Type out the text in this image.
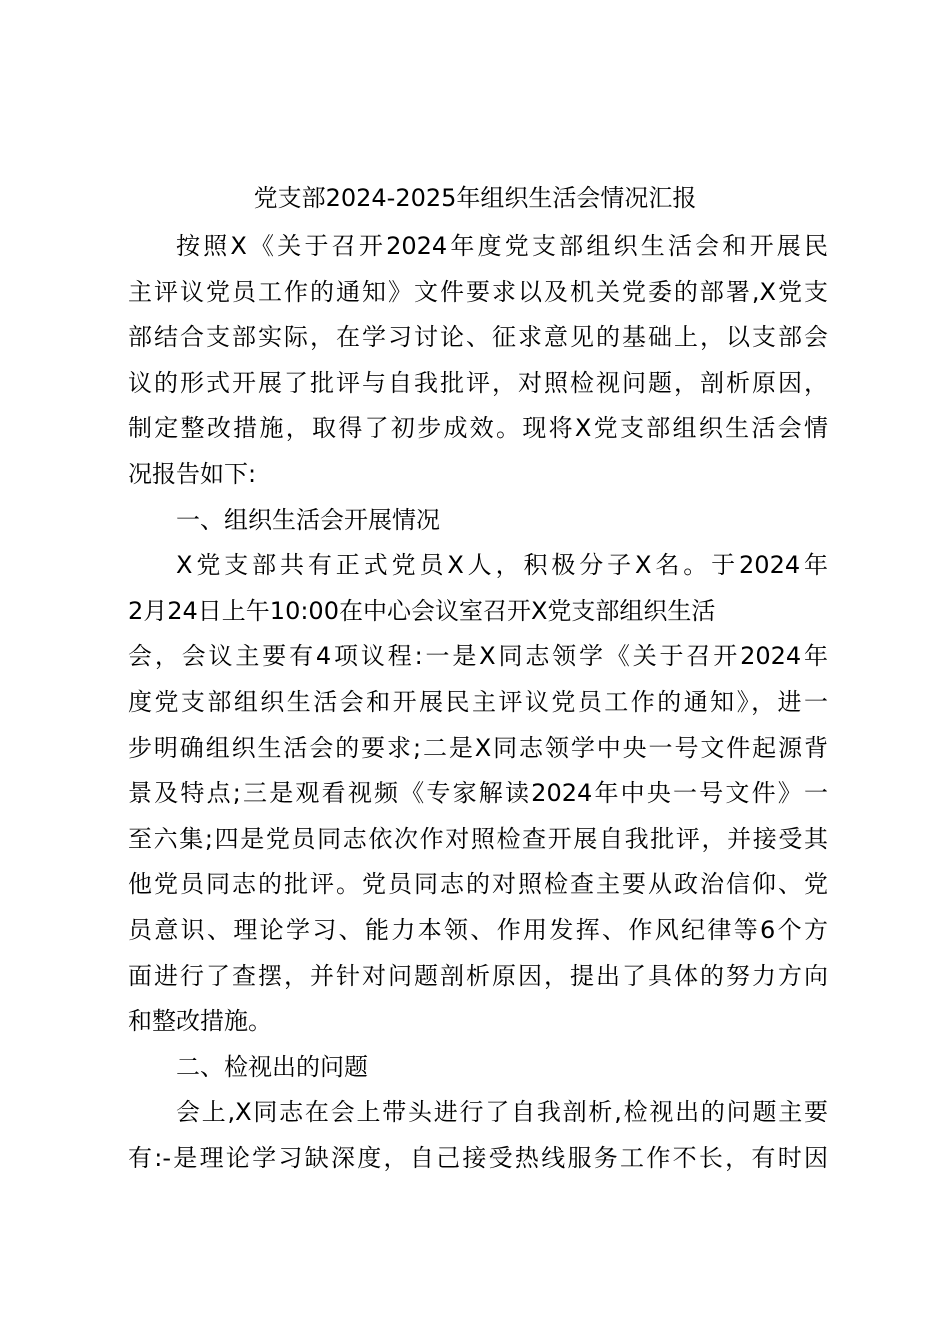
党支部2024-2025年组织生活会情况汇报
按照X《关于召开2024年度党支部组织生活会和开展民
主评议党员工作的通知》文件要求以及机关党委的部署,X党支
部结合支部实际，在学习讨论、征求意见的基础上，以支部会
议的形式开展了批评与自我批评，对照检视问题，剖析原因，
制定整改措施，取得了初步成效。现将X党支部组织生活会情
况报告如下:
一、组织生活会开展情况
X党支部共有正式党员X人，积极分子X名。于2024年
2月24日上午10:00在中心会议室召开X党支部组织生活
会，会议主要有4项议程:一是X同志领学《关于召开2024年
度党支部组织生活会和开展民主评议党员工作的通知》，进一
步明确组织生活会的要求;二是X同志领学中央一号文件起源背
景及特点;三是观看视频《专家解读2024年中央一号文件》一
至六集;四是党员同志依次作对照检查开展自我批评，并接受其
他党员同志的批评。党员同志的对照检查主要从政治信仰、党
员意识、理论学习、能力本领、作用发挥、作风纪律等6个方
面进行了查摆，并针对问题剖析原因，提出了具体的努力方向
和整改措施。
二、检视出的问题
会上,X同志在会上带头进行了自我剖析,检视出的问题主要
有:-是理论学习缺深度，自己接受热线服务工作不长，有时因
